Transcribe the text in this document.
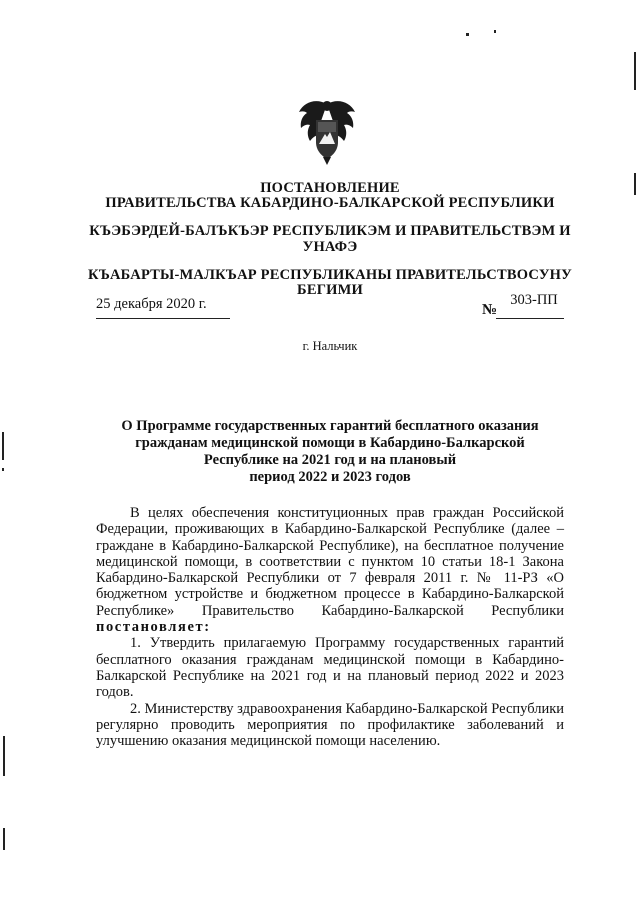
ПОСТАНОВЛЕНИЕ
ПРАВИТЕЛЬСТВА КАБАРДИНО-БАЛКАРСКОЙ РЕСПУБЛИКИ
КЪЭБЭРДЕЙ-БАЛЪКЪЭР РЕСПУБЛИКЭМ И ПРАВИТЕЛЬСТВЭМ И
УНАФЭ
КЪАБАРТЫ-МАЛКЪАР РЕСПУБЛИКАНЫ ПРАВИТЕЛЬСТВОСУНУ
БЕГИМИ
25 декабря 2020 г.	№
303-ПП
г. Нальчик
О Программе государственных гарантий бесплатного оказания
гражданам медицинской помощи в Кабардино-Балкарской
Республике на 2021 год и на плановый
период 2022 и 2023 годов

В целях обеспечения конституционных прав граждан Российской Федерации, проживающих в Кабардино-Балкарской Республике (далее – граждане в Кабардино-Балкарской Республике), на бесплатное получение медицинской помощи, в соответствии с пунктом 10 статьи 18-1 Закона Кабардино-Балкарской Республики от 7 февраля 2011 г. № 11-РЗ «О бюджетном устройстве и бюджетном процессе в Кабардино-Балкарской Республике» Правительство Кабардино-Балкарской Республики постановляет:

1. Утвердить прилагаемую Программу государственных гарантий бесплатного оказания гражданам медицинской помощи в Кабардино-Балкарской Республике на 2021 год и на плановый период 2022 и 2023 годов.

2. Министерству здравоохранения Кабардино-Балкарской Республики регулярно проводить мероприятия по профилактике заболеваний и улучшению оказания медицинской помощи населению.
